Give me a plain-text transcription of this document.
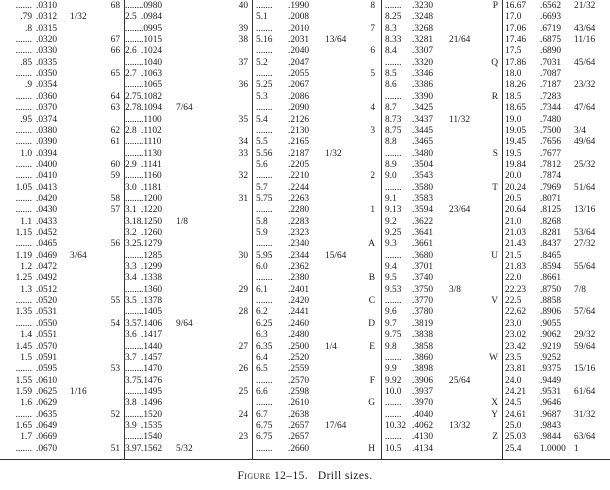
....... .0310	68
.79 .0312 1/32
.8 .0315
....... .0320	67
....... .0330	66
.85 .0335
....... .0350	65
.9 .0354
....... .0360	64
....... .0370	63
.95 .0374
....... .0380	62
....... .0390	61
1.0 .0394
....... .0400	60
....... .0410	59
1.05 .0413
....... .0420	58
....... .0430	57
1.1 .0433
1.15 .0452
....... .0465	56
1.19 .0469 3/64
1.2 .0472
1.25 .0492
1.3 .0512
....... .0520	55
1.35 .0531
....... .0550	54
1.4 .0551
1.45 .0570
1.5 .0591
....... .0595	53
1.55 .0610
1.59 .0625 1/16
1.6 .0629
....... .0635	52
1.65 .0649
1.7 .0669
....... .0670	51
....... .0980	40
2.5 .0984
....... .0995	39
....... .1015	38
2.6 .1024
....... .1040	37
2.7 .1063
....... .1065	36
2.75 .1082
2.78 .1094 7/64
....... .1100	35
2.8 .1102
....... .1110	34
....... .1130	33
2.9 .1141
....... .1160	32
3.0 .1181
....... .1200	31
3.1 .1220
3.18 .1250 1/8
3.2 .1260
3.25 .1279
....... .1285	30
3.3 .1299
3.4 .1338
....... .1360	29
3.5 .1378
....... .1405	28
3.57 .1406 9/64
3.6 .1417
....... .1440	27
3.7 .1457
....... .1470	26
3.75 .1476
....... .1495	25
3.8 .1496
....... .1520	24
3.9 .1535
....... .1540	23
3.97 .1562 5/32
....... .1990	8
5.1 .2008
....... .2010	7
5.16 .2031 13/64
....... .2040	6
5.2 .2047
....... .2055	5
5.25 .2067
5.3 .2086
....... .2090	4
5.4 .2126
....... .2130	3
5.5 .2165
5.56 .2187 1/32
5.6 .2205
....... .2210	2
5.7 .2244
5.75 .2263
....... .2280	1
5.8 .2283
5.9 .2323
....... .2340	A
5.95 .2344 15/64
6.0 .2362
....... .2380	B
6.1 .2401
....... .2420	C
6.2 .2441
6.25 .2460	D
6.3 .2480
6.35 .2500 1/4	E
6.4 .2520
6.5 .2559
....... .2570	F
6.6 .2598
....... .2610	G
6.7 .2638
6.75 .2657 17/64
6.75 .2657
....... .2660	H
....... .3230	P
8.25 .3248
8.3 .3268
8.33 .3281 21/64
8.4 .3307
....... .3320	Q
8.5 .3346
8.6 .3386
....... .3390	R
8.7 .3425
8.73 .3437 11/32
8.75 .3445
8.8 .3465
....... .3480	S
8.9 .3504
9.0 .3543
....... .3580	T
9.1 .3583
9.13 .3594 23/64
9.2 .3622
9.25 .3641
9.3 .3661
....... .3680	U
9.4 .3701
9.5 .3740
9.53 .3750 3/8
....... .3770	V
9.6 .3780
9.7 .3819
9.75 .3838
9.8 .3858
....... .3860	W
9.9 .3898
9.92 .3906 25/64
10.0 .3937
....... .3970	X
....... .4040	Y
10.32 .4062 13/32
....... .4130	Z
10.5 .4134
16.67 .6562 21/32
17.0 .6693
17.06 .6719 43/64
17.46 .6875 11/16
17.5 .6890
17.86 .7031 45/64
18.0 .7087
18.26 .7187 23/32
18.5 .7283
18.65 .7344 47/64
19.0 .7480
19.05 .7500 3/4
19.45 .7656 49/64
19.5 .7677
19.84 .7812 25/32
20.0 .7874
20.24 .7969 51/64
20.5 .8071
20.64 .8125 13/16
21.0 .8268
21.03 .8281 53/64
21.43 .8437 27/32
21.5 .8465
21.83 .8594 55/64
22.0 .8661
22.23 .8750 7/8
22.5 .8858
22.62 .8906 57/64
23.0 .9055
23.02 .9062 29/32
23.42 .9219 59/64
23.5 .9252
23.81 .9375 15/16
24.0 .9449
24.21 .9531 61/64
24.5 .9646
24.61 .9687 31/32
25.0 .9843
25.03 .9844 63/64
25.4 1.0000 1
Figure 12–15. Drill sizes.
